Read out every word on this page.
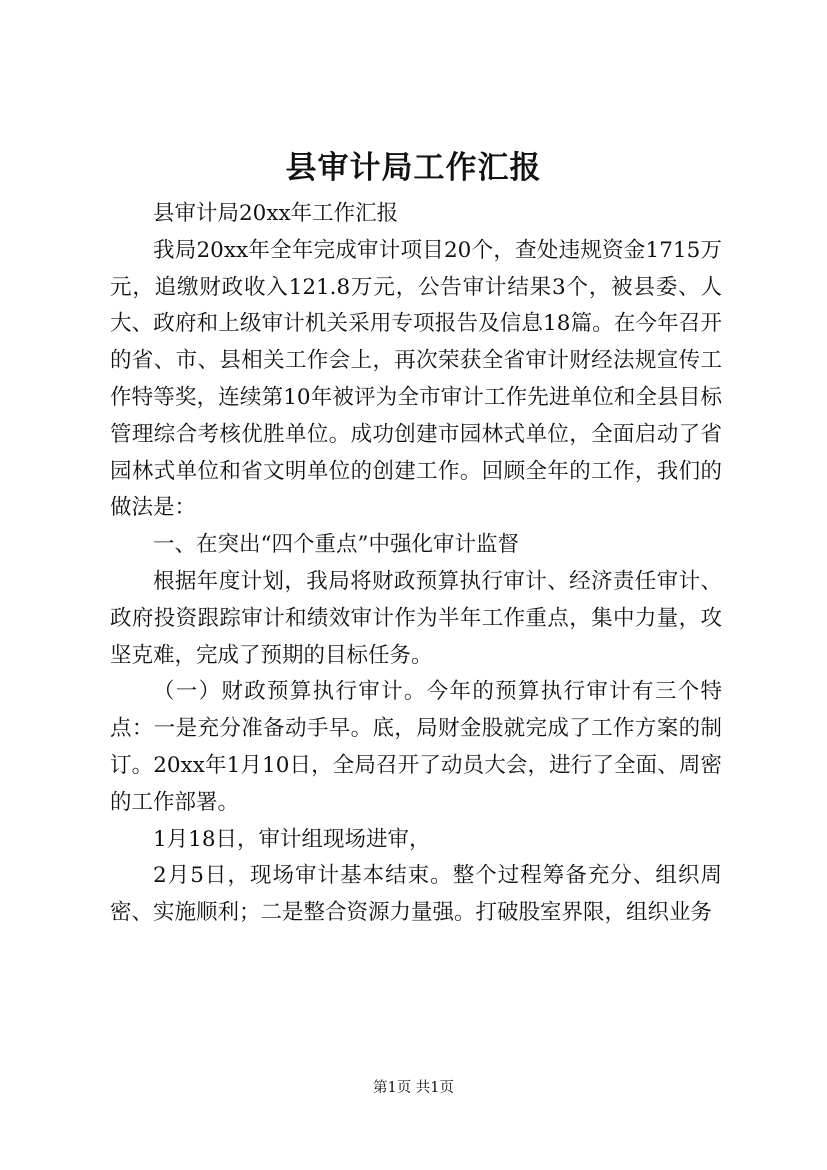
县审计局工作汇报

县审计局20xx年工作汇报

我局20xx年全年完成审计项目20个，查处违规资金1715万元，追缴财政收入121.8万元，公告审计结果3个，被县委、人大、政府和上级审计机关采用专项报告及信息18篇。在今年召开的省、市、县相关工作会上，再次荣获全省审计财经法规宣传工作特等奖，连续第10年被评为全市审计工作先进单位和全县目标管理综合考核优胜单位。成功创建市园林式单位，全面启动了省园林式单位和省文明单位的创建工作。回顾全年的工作，我们的做法是：

一、在突出“四个重点”中强化审计监督

根据年度计划，我局将财政预算执行审计、经济责任审计、政府投资跟踪审计和绩效审计作为半年工作重点，集中力量，攻坚克难，完成了预期的目标任务。

（一）财政预算执行审计。今年的预算执行审计有三个特点：一是充分准备动手早。底，局财金股就完成了工作方案的制订。20xx年1月10日，全局召开了动员大会，进行了全面、周密的工作部署。

1月18日，审计组现场进审，

2月5日，现场审计基本结束。整个过程筹备充分、组织周密、实施顺利；二是整合资源力量强。打破股室界限，组织业务

第1页 共1页
